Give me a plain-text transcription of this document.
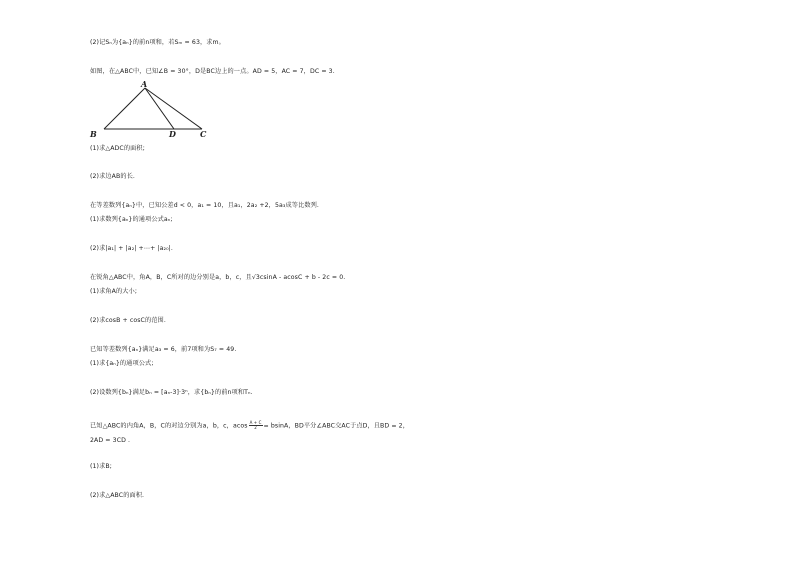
(2)记Sₙ为{aₙ}的前n项和，若Sₘ = 63，求m。
如图，在△ABC中，已知∠B = 30°，D是BC边上的一点。AD = 5，AC = 7，DC = 3.
A
B	D	C
(1)求△ADC的面积;
(2)求边AB的长.
在等差数列{aₙ}中，已知公差d < 0，a₁ = 10，且a₁，2a₂ +2，5a₃成等比数列.
(1)求数列{aₙ}的通项公式aₙ;
(2)求|a₁| + |a₂| +⋯+ |a₂₀|.
在锐角△ABC中，角A，B，C所对的边分别是a，b，c，且√3csinA - acosC + b - 2c = 0.
(1)求角A的大小;
(2)求cosB + cosC的范围.
已知等差数列{aₙ}满足a₃ = 6，前7项和为S₇ = 49.
(1)求{aₙ}的通项公式;
(2)设数列{bₙ}满足bₙ = [aₙ-3]·3ⁿ，求{bₙ}的前n项和Tₙ.
已知△ABC的内角A，B，C的对边分别为a，b，c，acos $\frac{A + C}{2} = bsinA$，BD平分∠ABC交AC于点D，且BD = 2，
2AD = 3CD .
(1)求B;
(2)求△ABC的面积.
